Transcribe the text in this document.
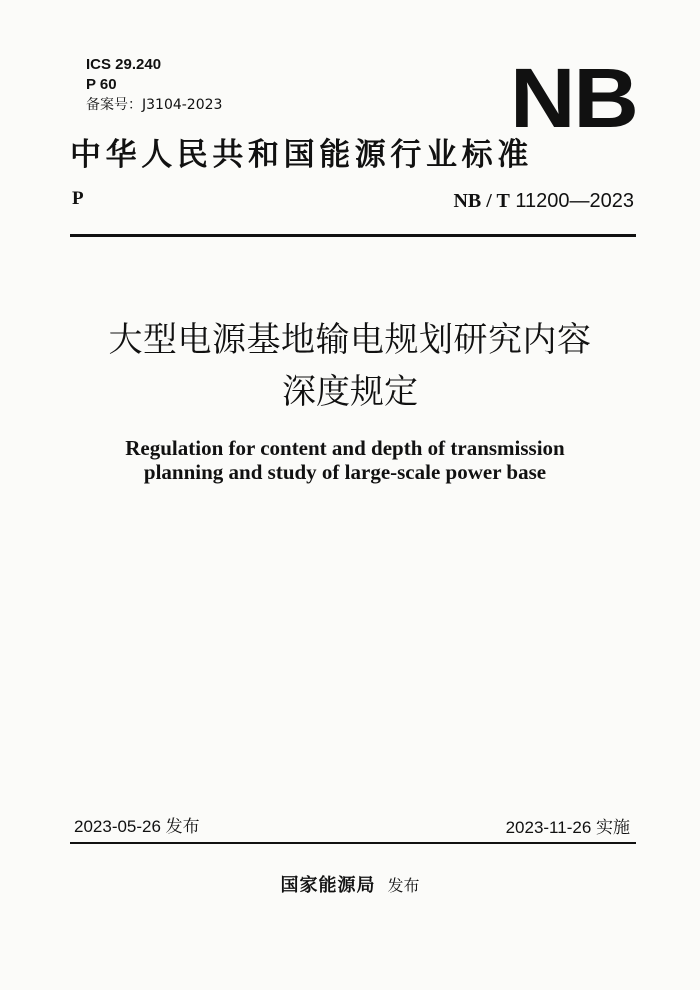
ICS 29.240
P 60
备案号：J3104-2023	NB
中华人民共和国能源行业标准
P	NB / T 11200—2023
大型电源基地输电规划研究内容
深度规定
Regulation for content and depth of transmission
planning and study of large-scale power base
2023-05-26 发布	2023-11-26 实施
国家能源局 发布
